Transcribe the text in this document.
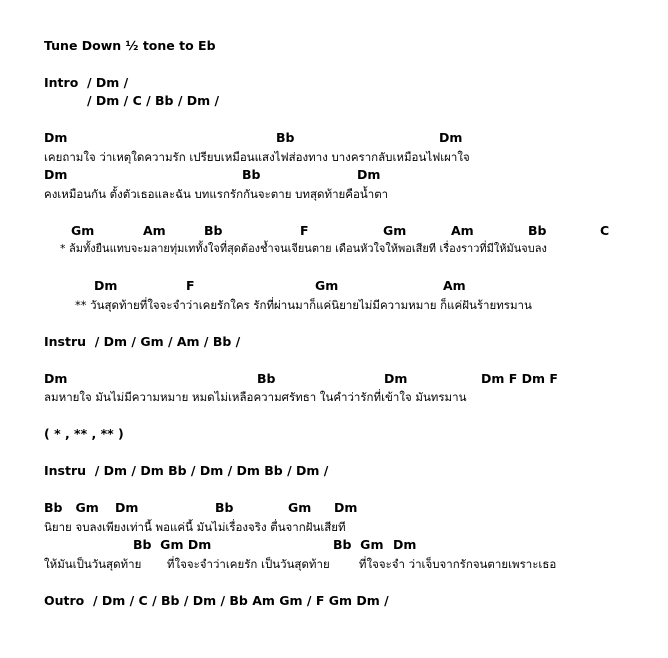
Tune Down ½ tone to Eb
Intro  / Dm /
/ Dm / C / Bb / Dm /
Dm	Bb	Dm
เคยถามใจ ว่าเหตุใดความรัก เปรียบเหมือนแสงไฟส่องทาง บางครากลับเหมือนไฟเผาใจ
Dm	Bb	Dm
คงเหมือนกัน ตั้งตัวเธอและฉัน บทแรกรักกันจะตาย บทสุดท้ายคือน้ำตา
Gm	Am	Bb	F	Gm	Am	Bb	C
* ล้มทั้งยืนแทบจะมลายทุ่มเททั้งใจที่สุดต้องช้ำจนเจียนตาย เดือนหัวใจให้พอเสียที เรื่องราวที่มีให้มันจบลง
Dm	F	Gm	Am
** วันสุดท้ายที่ใจจะจำว่าเคยรักใคร รักที่ผ่านมาก็แค่นิยายไม่มีความหมาย ก็แค่ฝันร้ายทรมาน
Instru  / Dm / Gm / Am / Bb /
Dm	Bb	Dm	Dm F Dm F
ลมหายใจ มันไม่มีความหมาย หมดไม่เหลือความศรัทธา ในคำว่ารักที่เข้าใจ มันทรมาน
( * , ** , ** )
Instru  / Dm / Dm Bb / Dm / Dm Bb / Dm /
Bb   Gm Dm	Bb	Gm Dm
นิยาย จบลงเพียงเท่านี้ พอแค่นี้ มันไม่เรื่องจริง ตื่นจากฝันเสียที
Bb  Gm Dm	Bb  Gm Dm
ให้มันเป็นวันสุดท้าย       ที่ใจจะจำว่าเคยรัก เป็นวันสุดท้าย        ที่ใจจะจำ ว่าเจ็บจากรักจนตายเพราะเธอ
Outro  / Dm / C / Bb / Dm / Bb Am Gm / F Gm Dm /
